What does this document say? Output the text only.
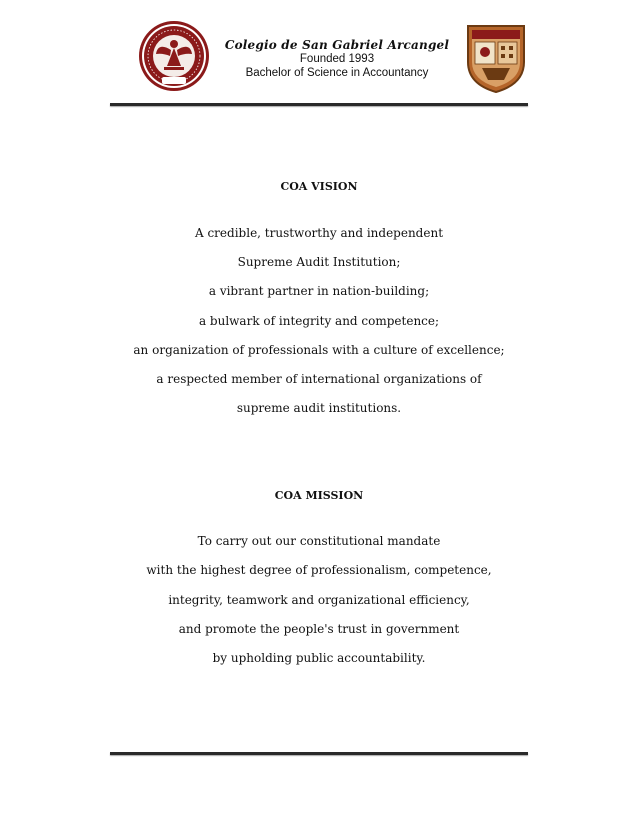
Colegio de San Gabriel Arcangel
Founded 1993
Bachelor of Science in Accountancy
COA VISION
A credible, trustworthy and independent
Supreme Audit Institution;
a vibrant partner in nation-building;
a bulwark of integrity and competence;
an organization of professionals with a culture of excellence;
a respected member of international organizations of
supreme audit institutions.
COA MISSION
To carry out our constitutional mandate
with the highest degree of professionalism, competence,
integrity, teamwork and organizational efficiency,
and promote the people's trust in government
by upholding public accountability.
